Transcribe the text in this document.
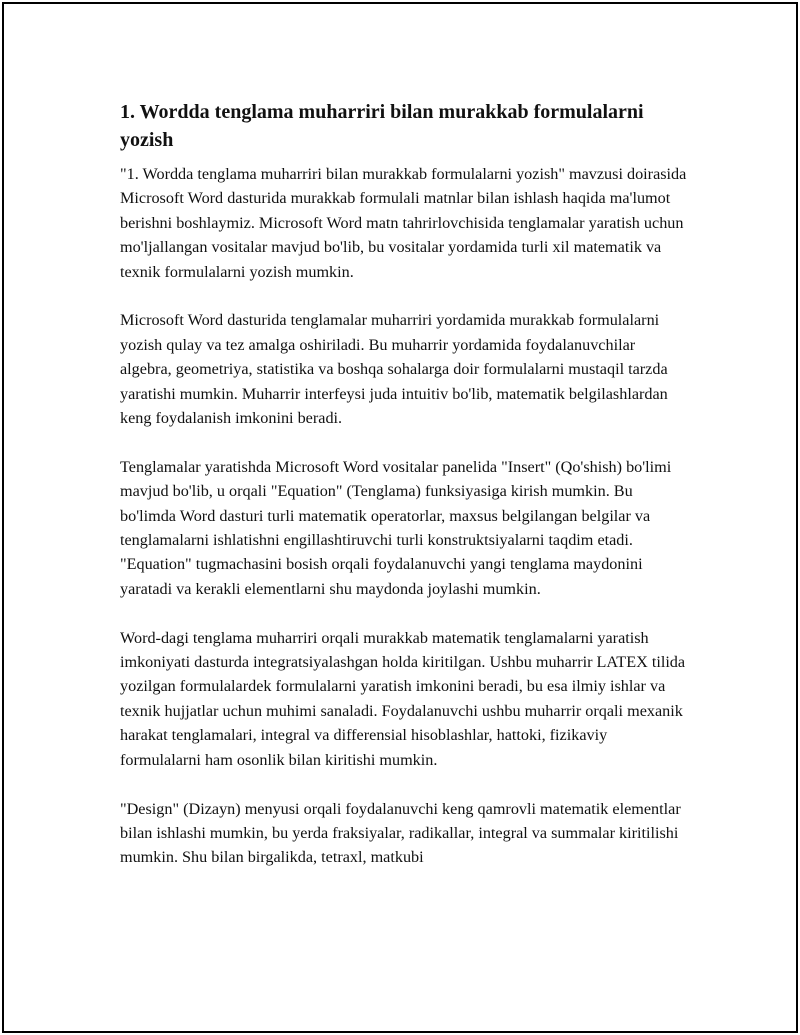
1. Wordda tenglama muharriri bilan murakkab formulalarni yozish

"1. Wordda tenglama muharriri bilan murakkab formulalarni yozish" mavzusi doirasida Microsoft Word dasturida murakkab formulali matnlar bilan ishlash haqida ma'lumot berishni boshlaymiz. Microsoft Word matn tahrirlovchisida tenglamalar yaratish uchun mo'ljallangan vositalar mavjud bo'lib, bu vositalar yordamida turli xil matematik va texnik formulalarni yozish mumkin.

Microsoft Word dasturida tenglamalar muharriri yordamida murakkab formulalarni yozish qulay va tez amalga oshiriladi. Bu muharrir yordamida foydalanuvchilar algebra, geometriya, statistika va boshqa sohalarga doir formulalarni mustaqil tarzda yaratishi mumkin. Muharrir interfeysi juda intuitiv bo'lib, matematik belgilashlardan keng foydalanish imkonini beradi.

Tenglamalar yaratishda Microsoft Word vositalar panelida "Insert" (Qo'shish) bo'limi mavjud bo'lib, u orqali "Equation" (Tenglama) funksiyasiga kirish mumkin. Bu bo'limda Word dasturi turli matematik operatorlar, maxsus belgilangan belgilar va tenglamalarni ishlatishni engillashtiruvchi turli konstruktsiyalarni taqdim etadi. "Equation" tugmachasini bosish orqali foydalanuvchi yangi tenglama maydonini yaratadi va kerakli elementlarni shu maydonda joylashi mumkin.

Word-dagi tenglama muharriri orqali murakkab matematik tenglamalarni yaratish imkoniyati dasturda integratsiyalashgan holda kiritilgan. Ushbu muharrir LATEX tilida yozilgan formulalardek formulalarni yaratish imkonini beradi, bu esa ilmiy ishlar va texnik hujjatlar uchun muhimi sanaladi. Foydalanuvchi ushbu muharrir orqali mexanik harakat tenglamalari, integral va differensial hisoblashlar, hattoki, fizikaviy formulalarni ham osonlik bilan kiritishi mumkin.

"Design" (Dizayn) menyusi orqali foydalanuvchi keng qamrovli matematik elementlar bilan ishlashi mumkin, bu yerda fraksiyalar, radikallar, integral va summalar kiritilishi mumkin. Shu bilan birgalikda, tetraxl, matkubi
